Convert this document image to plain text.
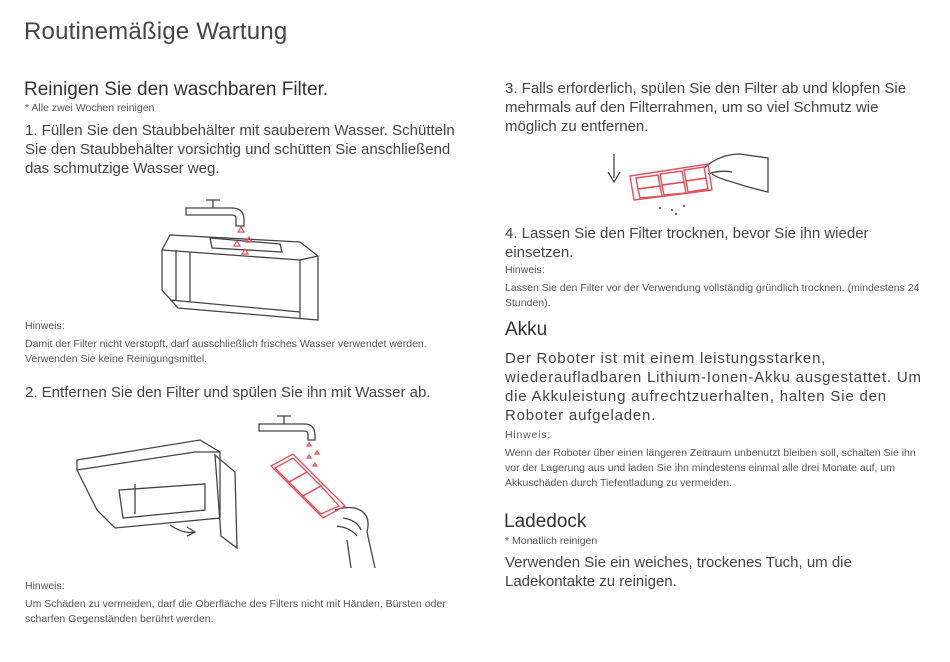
Routinemäßige Wartung
Reinigen Sie den waschbaren Filter.
* Alle zwei Wochen reinigen
1. Füllen Sie den Staubbehälter mit sauberem Wasser. Schütteln Sie den Staubbehälter vorsichtig und schütten Sie anschließend das schmutzige Wasser weg.
Hinweis:
Damit der Filter nicht verstopft, darf ausschließlich frisches Wasser verwendet werden. Verwenden Sie keine Reinigungsmittel.
2. Entfernen Sie den Filter und spülen Sie ihn mit Wasser ab.
Hinweis:
Um Schäden zu vermeiden, darf die Oberfläche des Filters nicht mit Händen, Bürsten oder scharfen Gegenständen berührt werden.
3. Falls erforderlich, spülen Sie den Filter ab und klopfen Sie mehrmals auf den Filterrahmen, um so viel Schmutz wie möglich zu entfernen.
4. Lassen Sie den Filter trocknen, bevor Sie ihn wieder einsetzen.
Hinweis:
Lassen Sie den Filter vor der Verwendung vollständig gründlich trocknen. (mindestens 24 Stunden).
Akku
Der Roboter ist mit einem leistungsstarken, wiederaufladbaren Lithium-Ionen-Akku ausgestattet. Um die Akkuleistung aufrechtzuerhalten, halten Sie den Roboter aufgeladen.
Hinweis:
Wenn der Roboter über einen längeren Zeitraum unbenutzt bleiben soll, schalten Sie ihn vor der Lagerung aus und laden Sie ihn mindestens einmal alle drei Monate auf, um Akkuschäden durch Tiefentladung zu vermeiden.
Ladedock
* Monatlich reinigen
Verwenden Sie ein weiches, trockenes Tuch, um die Ladekontakte zu reinigen.
